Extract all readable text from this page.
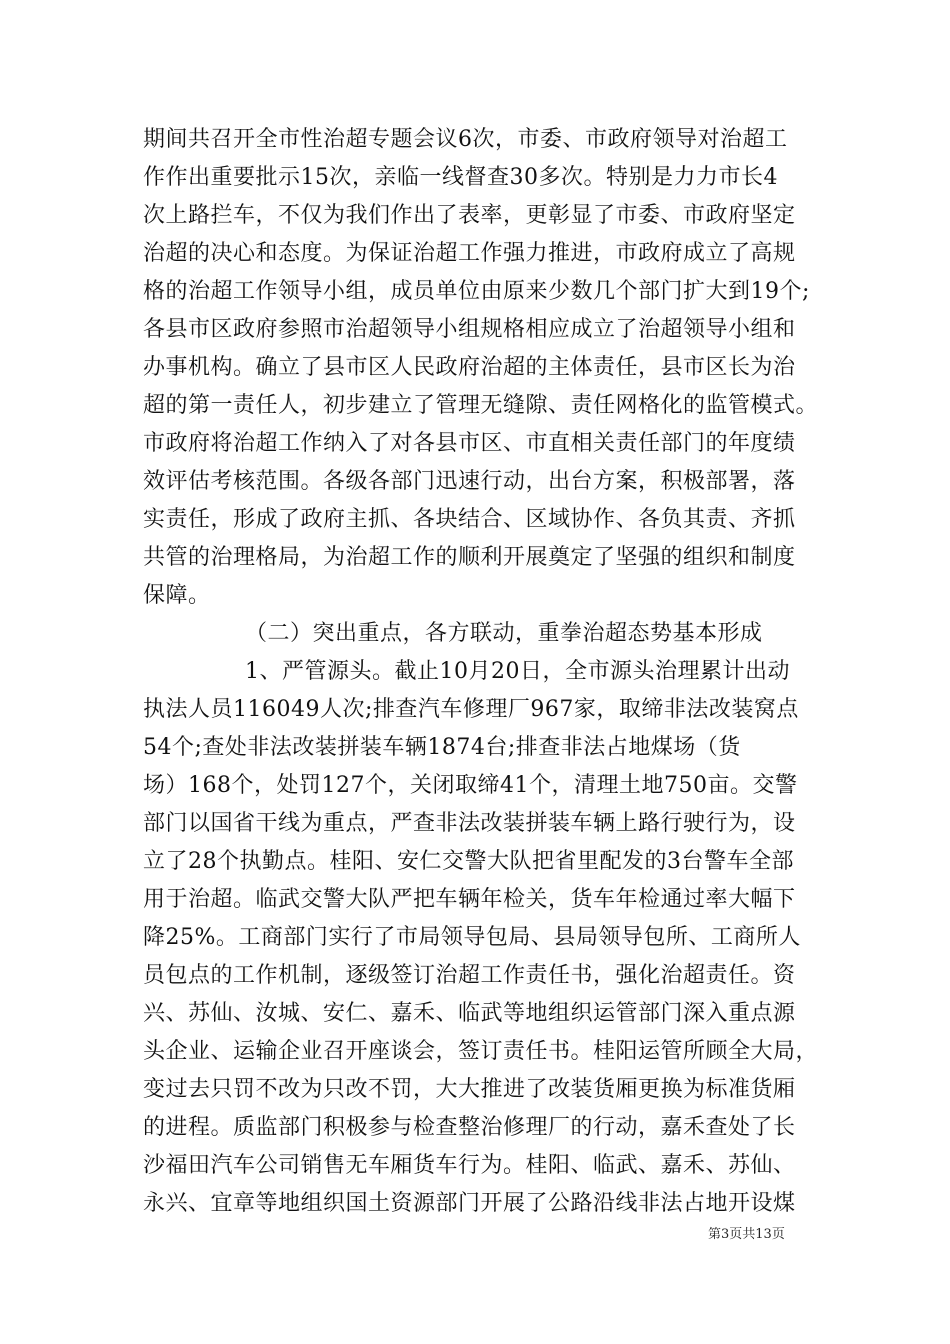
期间共召开全市性治超专题会议6次，市委、市政府领导对治超工
作作出重要批示15次，亲临一线督查30多次。特别是力力市长4
次上路拦车，不仅为我们作出了表率，更彰显了市委、市政府坚定
治超的决心和态度。为保证治超工作强力推进，市政府成立了高规
格的治超工作领导小组，成员单位由原来少数几个部门扩大到19个;
各县市区政府参照市治超领导小组规格相应成立了治超领导小组和
办事机构。确立了县市区人民政府治超的主体责任，县市区长为治
超的第一责任人，初步建立了管理无缝隙、责任网格化的监管模式。
市政府将治超工作纳入了对各县市区、市直相关责任部门的年度绩
效评估考核范围。各级各部门迅速行动，出台方案，积极部署，落
实责任，形成了政府主抓、各块结合、区域协作、各负其责、齐抓
共管的治理格局，为治超工作的顺利开展奠定了坚强的组织和制度
保障。
（二）突出重点，各方联动，重拳治超态势基本形成
1、严管源头。截止10月20日，全市源头治理累计出动
执法人员116049人次;排查汽车修理厂967家，取缔非法改装窝点
54个;查处非法改装拼装车辆1874台;排查非法占地煤场（货
场）168个，处罚127个，关闭取缔41个，清理土地750亩。交警
部门以国省干线为重点，严查非法改装拼装车辆上路行驶行为，设
立了28个执勤点。桂阳、安仁交警大队把省里配发的3台警车全部
用于治超。临武交警大队严把车辆年检关，货车年检通过率大幅下
降25%。工商部门实行了市局领导包局、县局领导包所、工商所人
员包点的工作机制，逐级签订治超工作责任书，强化治超责任。资
兴、苏仙、汝城、安仁、嘉禾、临武等地组织运管部门深入重点源
头企业、运输企业召开座谈会，签订责任书。桂阳运管所顾全大局，
变过去只罚不改为只改不罚，大大推进了改装货厢更换为标准货厢
的进程。质监部门积极参与检查整治修理厂的行动，嘉禾查处了长
沙福田汽车公司销售无车厢货车行为。桂阳、临武、嘉禾、苏仙、
永兴、宜章等地组织国土资源部门开展了公路沿线非法占地开设煤
第3页共13页
